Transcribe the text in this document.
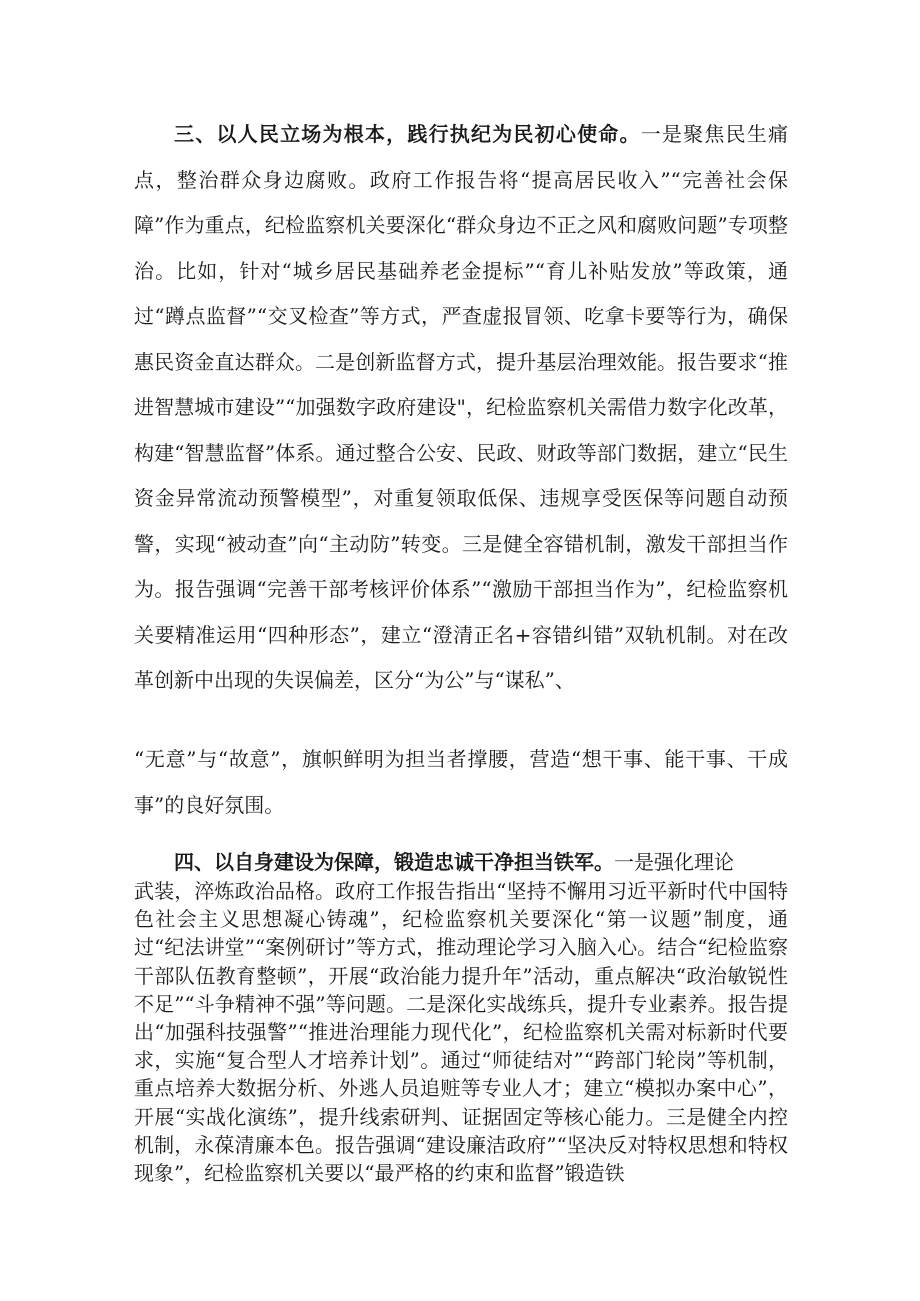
三、以人民立场为根本，践行执纪为民初心使命。一是聚焦民生痛点，整治群众身边腐败。政府工作报告将“提高居民收入”“完善社会保障”作为重点，纪检监察机关要深化“群众身边不正之风和腐败问题”专项整治。比如，针对“城乡居民基础养老金提标”“育儿补贴发放”等政策，通过“蹲点监督”“交叉检查”等方式，严查虚报冒领、吃拿卡要等行为，确保惠民资金直达群众。二是创新监督方式，提升基层治理效能。报告要求“推进智慧城市建设”“加强数字政府建设"，纪检监察机关需借力数字化改革，构建“智慧监督”体系。通过整合公安、民政、财政等部门数据，建立“民生资金异常流动预警模型”，对重复领取低保、违规享受医保等问题自动预警，实现“被动查”向“主动防”转变。三是健全容错机制，激发干部担当作为。报告强调“完善干部考核评价体系”“激励干部担当作为”，纪检监察机关要精准运用“四种形态”，建立“澄清正名+容错纠错”双轨机制。对在改革创新中出现的失误偏差，区分“为公”与“谋私”、

“无意”与“故意”，旗帜鲜明为担当者撑腰，营造“想干事、能干事、干成事”的良好氛围。

四、以自身建设为保障，锻造忠诚干净担当铁军。一是强化理论

武装，淬炼政治品格。政府工作报告指出“坚持不懈用习近平新时代中国特色社会主义思想凝心铸魂”，纪检监察机关要深化“第一议题”制度，通过“纪法讲堂”“案例研讨”等方式，推动理论学习入脑入心。结合“纪检监察干部队伍教育整顿”，开展“政治能力提升年”活动，重点解决“政治敏锐性不足”“斗争精神不强”等问题。二是深化实战练兵，提升专业素养。报告提出“加强科技强警”“推进治理能力现代化”，纪检监察机关需对标新时代要求，实施“复合型人才培养计划”。通过“师徒结对”“跨部门轮岗”等机制，重点培养大数据分析、外逃人员追赃等专业人才；建立“模拟办案中心”，开展“实战化演练”，提升线索研判、证据固定等核心能力。三是健全内控机制，永葆清廉本色。报告强调“建设廉洁政府”“坚决反对特权思想和特权现象”，纪检监察机关要以“最严格的约束和监督”锻造铁
